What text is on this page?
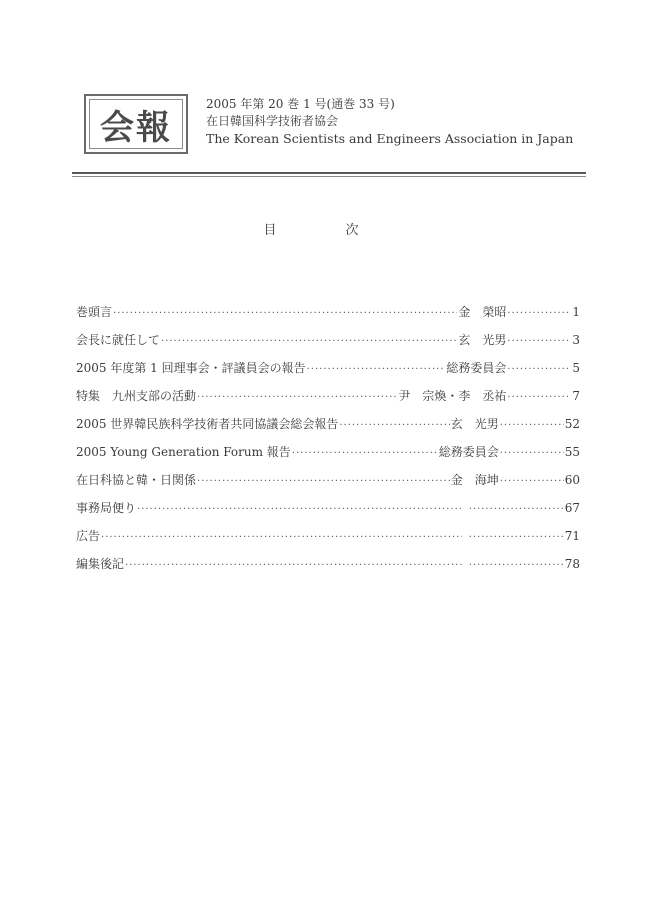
会報
2005 年第 20 巻 1 号(通巻 33 号)
在日韓国科学技術者協会
The Korean Scientists and Engineers Association in Japan
目　次
巻頭言 ·····	金　榮昭 ·····	1
会長に就任して ·····	玄　光男 ·····	3
2005 年度第 1 回理事会・評議員会の報告 ·····	総務委員会 ·····	5
特集　九州支部の活動 ·····	尹　宗煥・李　丞祐 ·····	7
2005 世界韓民族科学技術者共同協議会総会報告 ·····	玄　光男 ·····	52
2005 Young Generation Forum 報告 ·····	総務委員会 ·····	55
在日科協と韓・日関係 ·····	金　海坤 ·····	60
事務局便り ····· ·····	67
広告 ····· ·····	71
編集後記 ····· ·····	78
